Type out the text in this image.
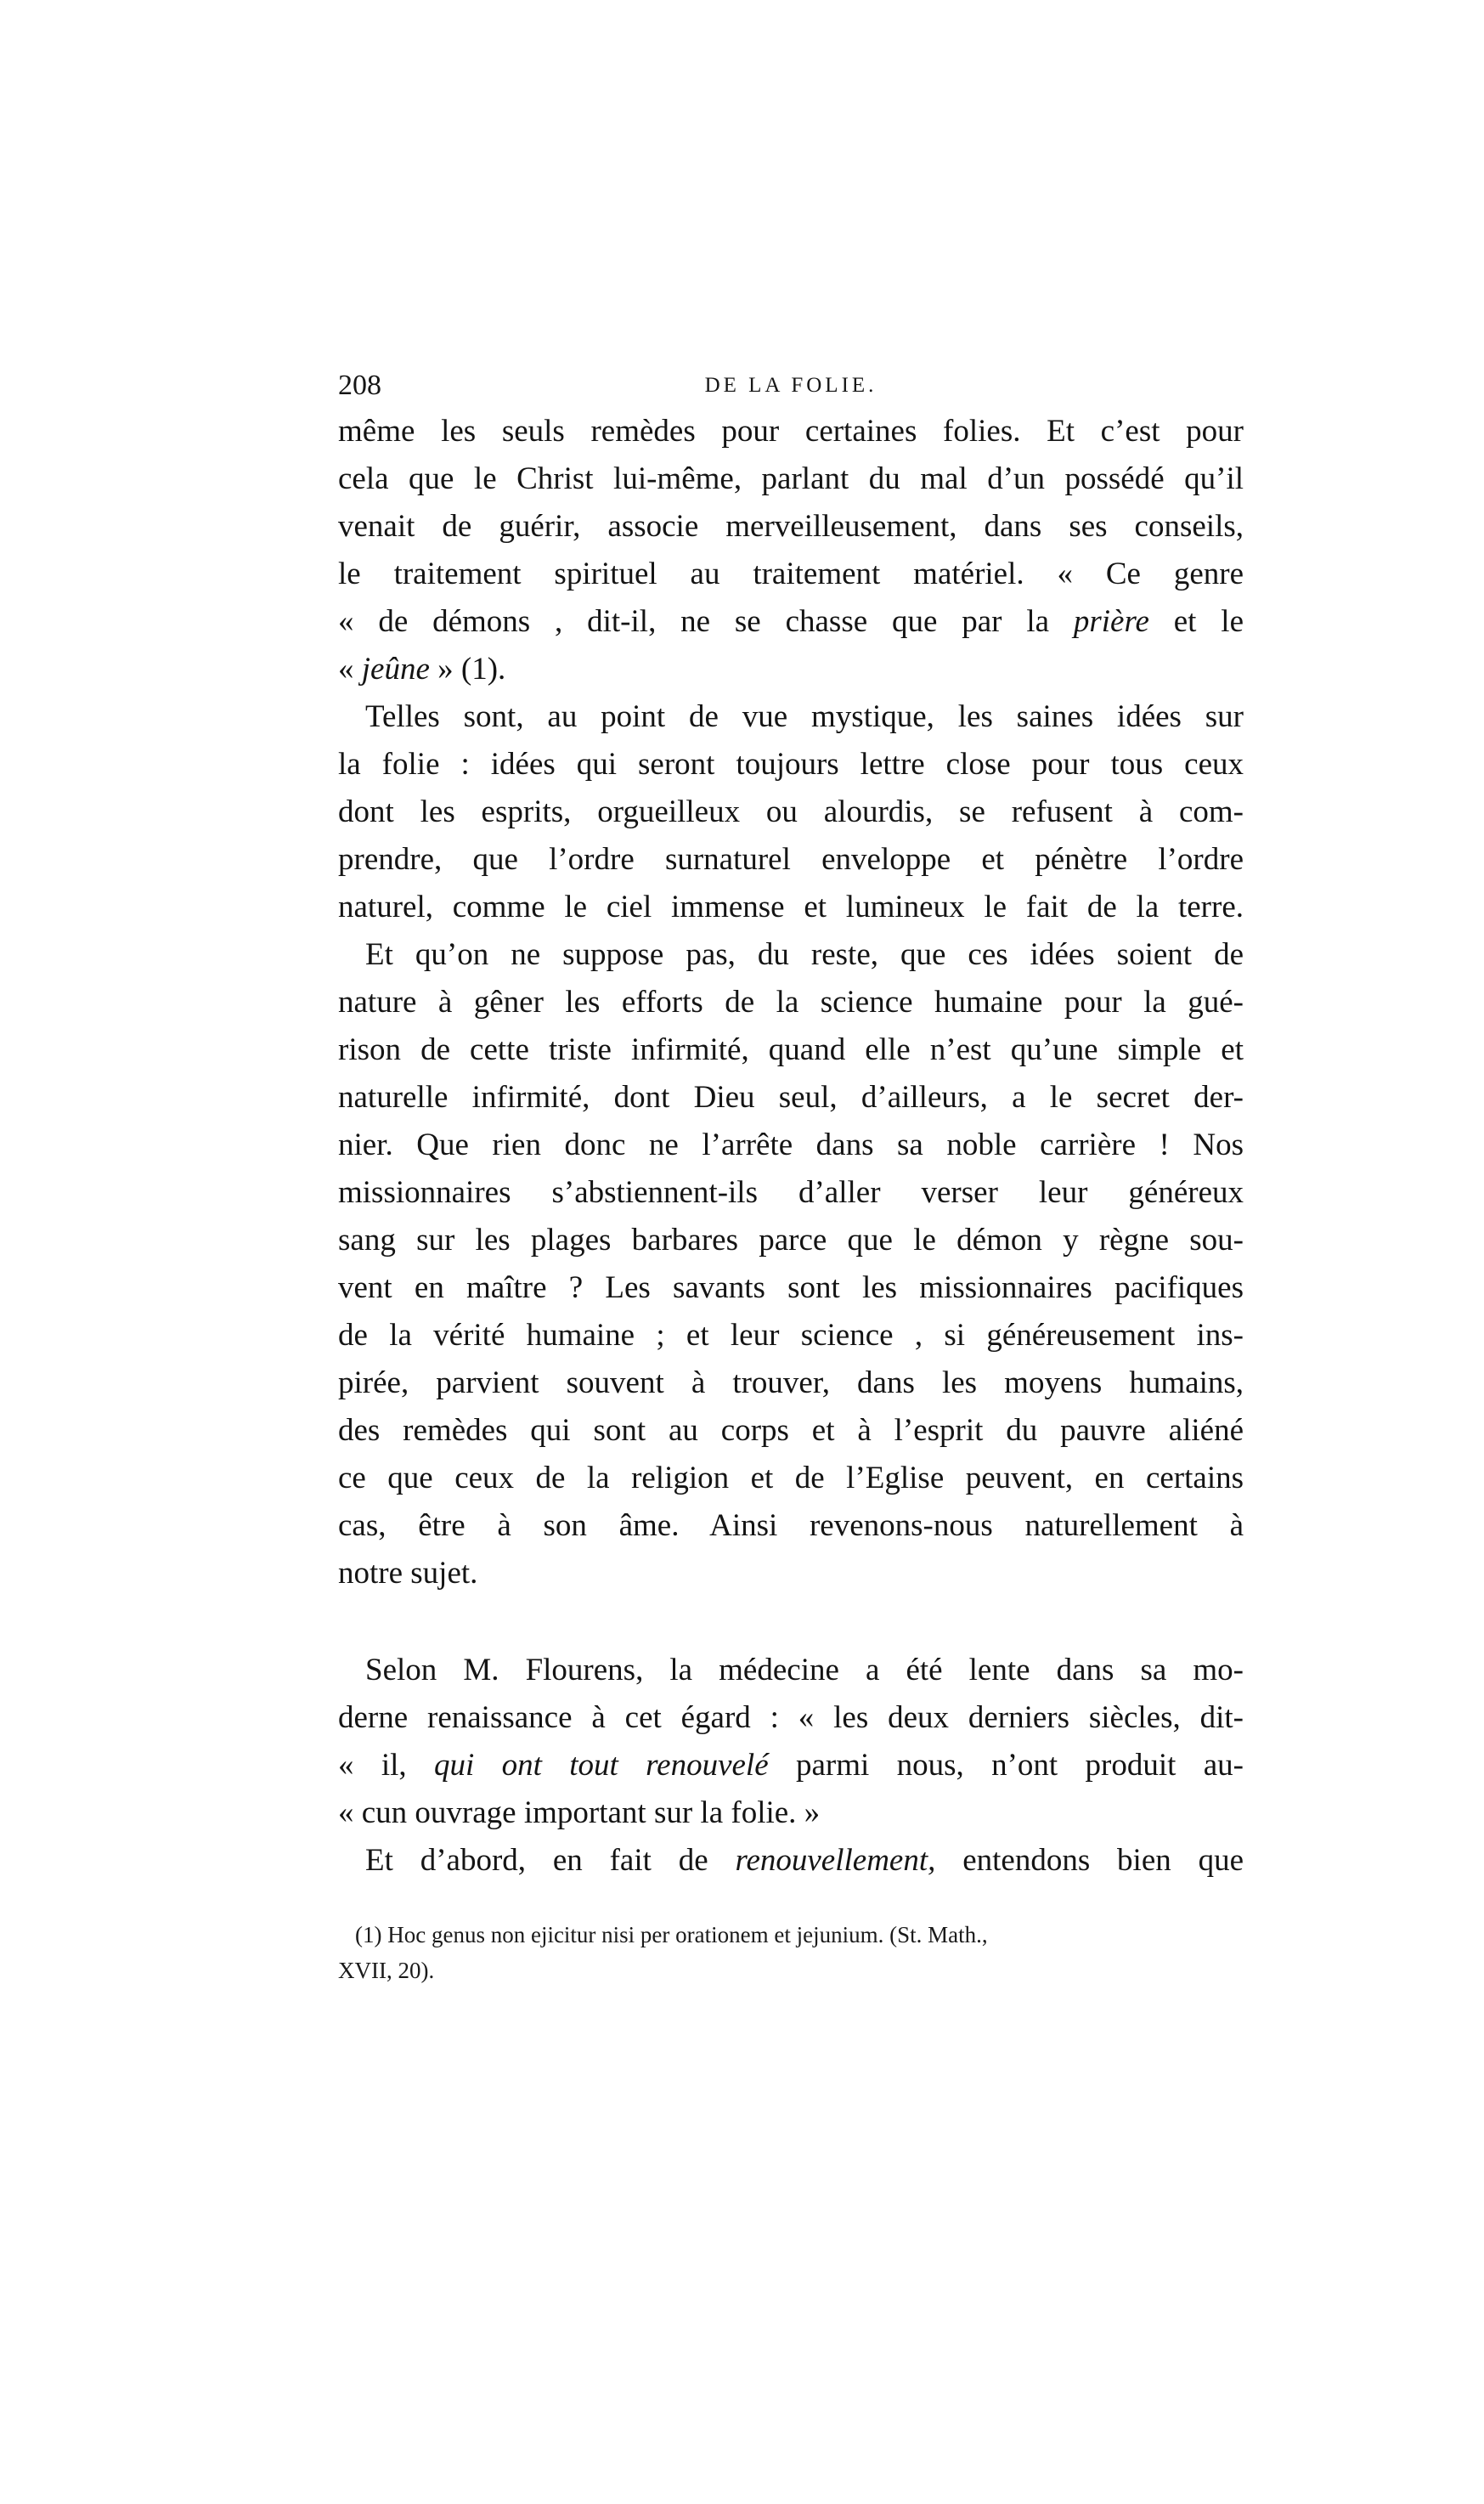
208	DE LA FOLIE.
même les seuls remèdes pour certaines folies. Et c’est pour
cela que le Christ lui-même, parlant du mal d’un possédé qu’il
venait de guérir, associe merveilleusement, dans ses conseils,
le traitement spirituel au traitement matériel. « Ce genre
« de démons , dit-il, ne se chasse que par la prière et le
« jeûne » (1).
Telles sont, au point de vue mystique, les saines idées sur
la folie : idées qui seront toujours lettre close pour tous ceux
dont les esprits, orgueilleux ou alourdis, se refusent à com-
prendre, que l’ordre surnaturel enveloppe et pénètre l’ordre
naturel, comme le ciel immense et lumineux le fait de la terre.
Et qu’on ne suppose pas, du reste, que ces idées soient de
nature à gêner les efforts de la science humaine pour la gué-
rison de cette triste infirmité, quand elle n’est qu’une simple et
naturelle infirmité, dont Dieu seul, d’ailleurs, a le secret der-
nier. Que rien donc ne l’arrête dans sa noble carrière ! Nos
missionnaires s’abstiennent-ils d’aller verser leur généreux
sang sur les plages barbares parce que le démon y règne sou-
vent en maître ? Les savants sont les missionnaires pacifiques
de la vérité humaine ; et leur science , si généreusement ins-
pirée, parvient souvent à trouver, dans les moyens humains,
des remèdes qui sont au corps et à l’esprit du pauvre aliéné
ce que ceux de la religion et de l’Eglise peuvent, en certains
cas, être à son âme. Ainsi revenons-nous naturellement à
notre sujet.
Selon M. Flourens, la médecine a été lente dans sa mo-
derne renaissance à cet égard : « les deux derniers siècles, dit-
« il, qui ont tout renouvelé parmi nous, n’ont produit au-
« cun ouvrage important sur la folie. »
Et d’abord, en fait de renouvellement, entendons bien que
(1) Hoc genus non ejicitur nisi per orationem et jejunium. (St. Math.,
XVII, 20).
